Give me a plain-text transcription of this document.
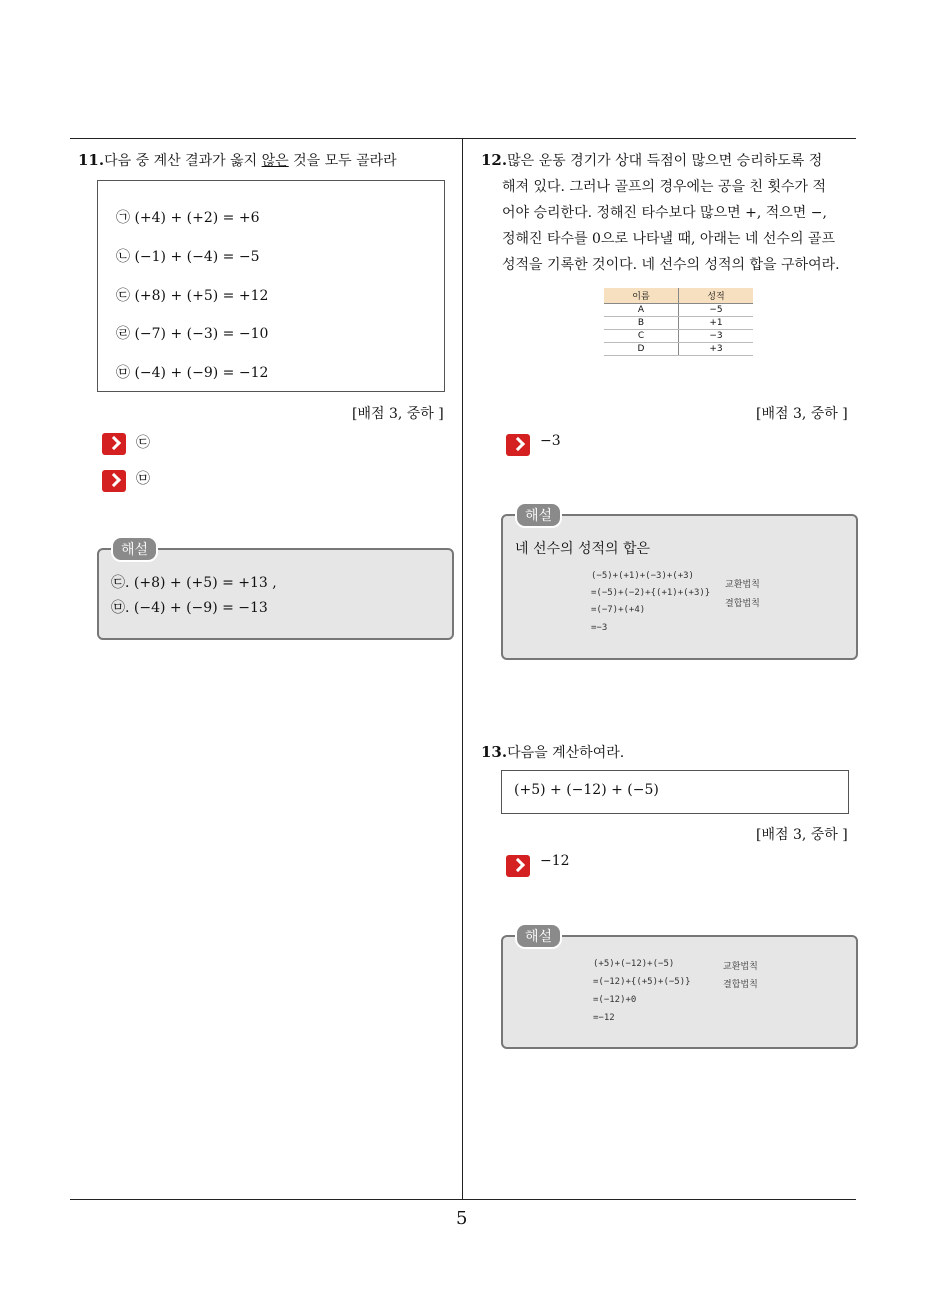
11.다음 중 계산 결과가 옳지 않은 것을 모두 골라라
㉠ (+4) + (+2) = +6
㉡ (−1) + (−4) = −5
㉢ (+8) + (+5) = +12
㉣ (−7) + (−3) = −10
㉤ (−4) + (−9) = −12
[배점 3, 중하 ]
㉢
㉤
해설
㉢. (+8) + (+5) = +13 ,
㉤. (−4) + (−9) = −13
12.많은 운동 경기가 상대 득점이 많으면 승리하도록 정
해져 있다. 그러나 골프의 경우에는 공을 친 횟수가 적
어야 승리한다. 정해진 타수보다 많으면 +, 적으면 −,
정해진 타수를 0으로 나타낼 때, 아래는 네 선수의 골프
성적을 기록한 것이다. 네 선수의 성적의 합을 구하여라.
이름	성적
A	−5
B	+1
C	−3
D	+3
[배점 3, 중하 ]
−3
해설
네 선수의 성적의 합은
(−5)+(+1)+(−3)+(+3)
=(−5)+(−2)+{(+1)+(+3)}
=(−7)+(+4)
=−3
교환법칙
결합법칙
13.다음을 계산하여라.
(+5) + (−12) + (−5)
[배점 3, 중하 ]
−12
해설
(+5)+(−12)+(−5)
=(−12)+{(+5)+(−5)}
=(−12)+0
=−12
교환법칙
결합법칙
5
